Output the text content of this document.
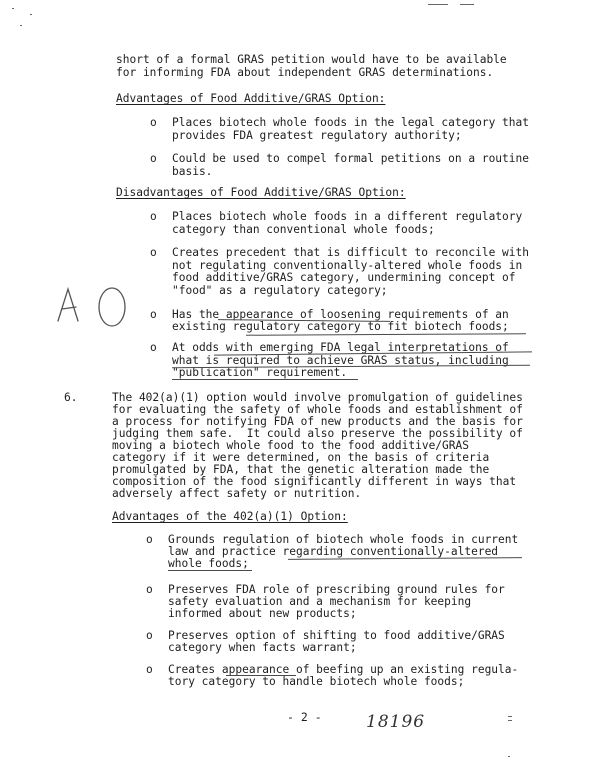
short of a formal GRAS petition would have to be available

for informing FDA about independent GRAS determinations.

Advantages of Food Additive/GRAS Option:

o Places biotech whole foods in the legal category that

provides FDA greatest regulatory authority;

o Could be used to compel formal petitions on a routine

basis.

Disadvantages of Food Additive/GRAS Option:

o Places biotech whole foods in a different regulatory

category than conventional whole foods;

o Creates precedent that is difficult to reconcile with

not regulating conventionally-altered whole foods in

food additive/GRAS category, undermining concept of

"food" as a regulatory category;

o Has the appearance of loosening requirements of an

existing regulatory category to fit biotech foods;

o At odds with emerging FDA legal interpretations of

what is required to achieve GRAS status, including

"publication" requirement.

6.	The 402(a)(1) option would involve promulgation of guidelines

for evaluating the safety of whole foods and establishment of

a process for notifying FDA of new products and the basis for

judging them safe.  It could also preserve the possibility of

moving a biotech whole food to the food additive/GRAS

category if it were determined, on the basis of criteria

promulgated by FDA, that the genetic alteration made the

composition of the food significantly different in ways that

adversely affect safety or nutrition.

Advantages of the 402(a)(1) Option:

o Grounds regulation of biotech whole foods in current

law and practice regarding conventionally-altered

whole foods;

o Preserves FDA role of prescribing ground rules for

safety evaluation and a mechanism for keeping

informed about new products;

o Preserves option of shifting to food additive/GRAS

category when facts warrant;

o Creates appearance of beefing up an existing regula-

tory category to handle biotech whole foods;

- 2 -	18196
